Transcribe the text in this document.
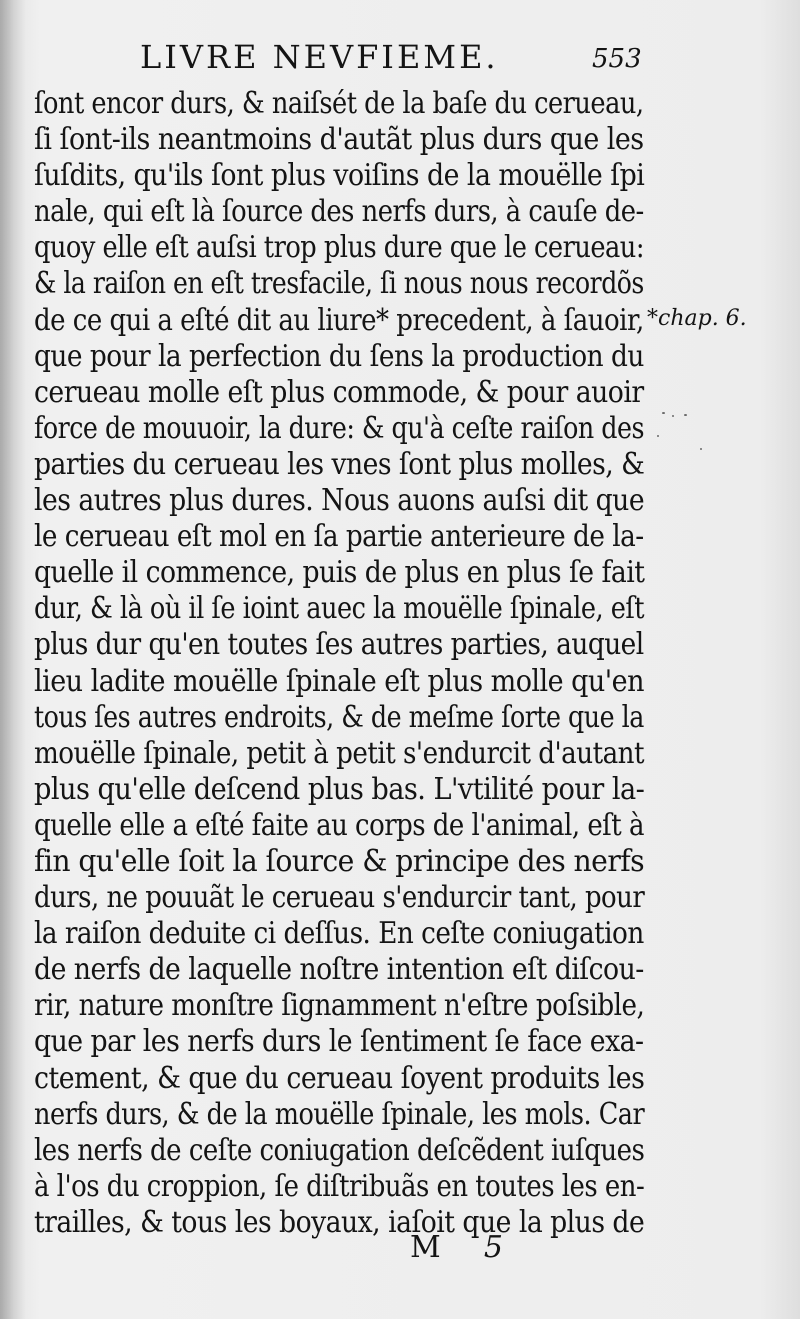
LIVRE NEVFIEME.	553
ſont encor durs, & naiſsét de la baſe du cerueau,
ſi ſont-ils neantmoins d'autãt plus durs que les
ſuſdits, qu'ils ſont plus voiſins de la mouëlle ſpi
nale, qui eſt là ſource des nerfs durs, à cauſe de-
quoy elle eſt auſsi trop plus dure que le cerueau:
& la raiſon en eſt tresfacile, ſi nous nous recordõs
de ce qui a eſté dit au liure* precedent, à ſauoir,
que pour la perfection du ſens la production du
cerueau molle eſt plus commode, & pour auoir
force de mouuoir, la dure: & qu'à ceſte raiſon des
parties du cerueau les vnes ſont plus molles, &
les autres plus dures. Nous auons auſsi dit que
le cerueau eſt mol en ſa partie anterieure de la-
quelle il commence, puis de plus en plus ſe fait
dur, & là où il ſe ioint auec la mouëlle ſpinale, eſt
plus dur qu'en toutes ſes autres parties, auquel
lieu ladite mouëlle ſpinale eſt plus molle qu'en
tous ſes autres endroits, & de meſme ſorte que la
mouëlle ſpinale, petit à petit s'endurcit d'autant
plus qu'elle deſcend plus bas. L'vtilité pour la-
quelle elle a eſté faite au corps de l'animal, eſt à
fin qu'elle ſoit la ſource & principe des nerfs
durs, ne pouuãt le cerueau s'endurcir tant, pour
la raiſon deduite ci deſſus. En ceſte coniugation
de nerfs de laquelle noſtre intention eſt diſcou-
rir, nature monſtre ſignamment n'eſtre poſsible,
que par les nerfs durs le ſentiment ſe face exa-
ctement, & que du cerueau ſoyent produits les
nerfs durs, & de la mouëlle ſpinale, les mols. Car
les nerfs de ceſte coniugation deſcẽdent iuſques
à l'os du croppion, ſe diſtribuãs en toutes les en-
trailles, & tous les boyaux, iaſoit que la plus de
*chap. 6.
M 5
